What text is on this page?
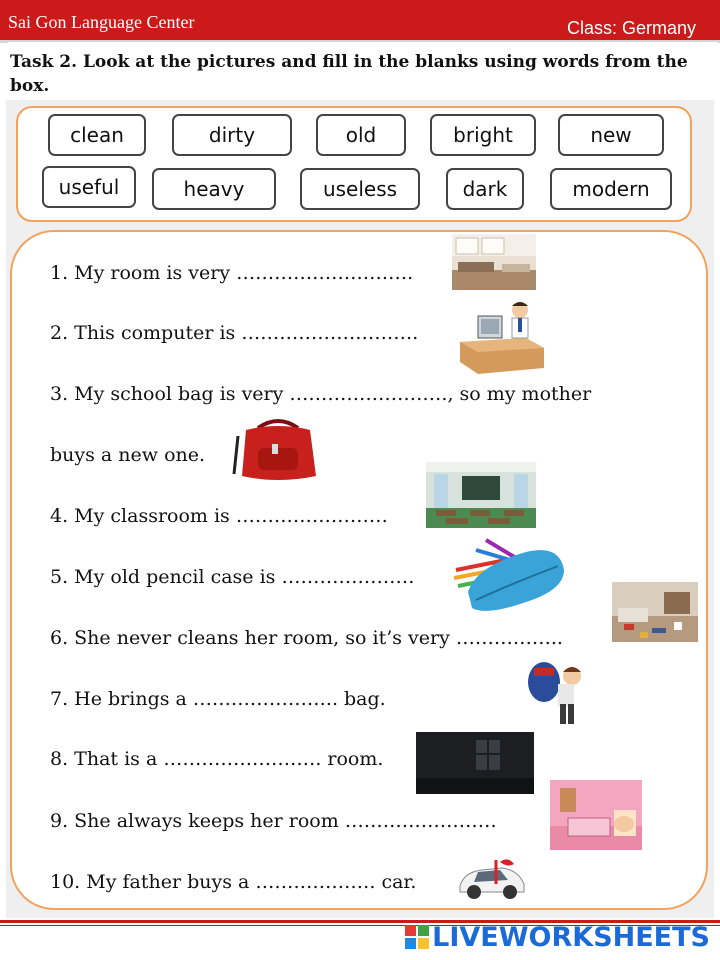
Sai Gon Language Center	Class: Germany
Task 2. Look at the pictures and fill in the blanks using words from the box.
clean	dirty	old	bright	new
useful	heavy	useless	dark	modern
1. My room is very ……………………….
2. This computer is ……………………….
3. My school bag is very ……………………., so my mother
buys a new one.
4. My classroom is ……………………
5. My old pencil case is …………………
6. She never cleans her room, so it’s very ……………..
7. He brings a ………………….. bag.
8. That is a ……………………. room.
9. She always keeps her room ……………………
10. My father buys a ………………. car.
LIVEWORKSHEETS
